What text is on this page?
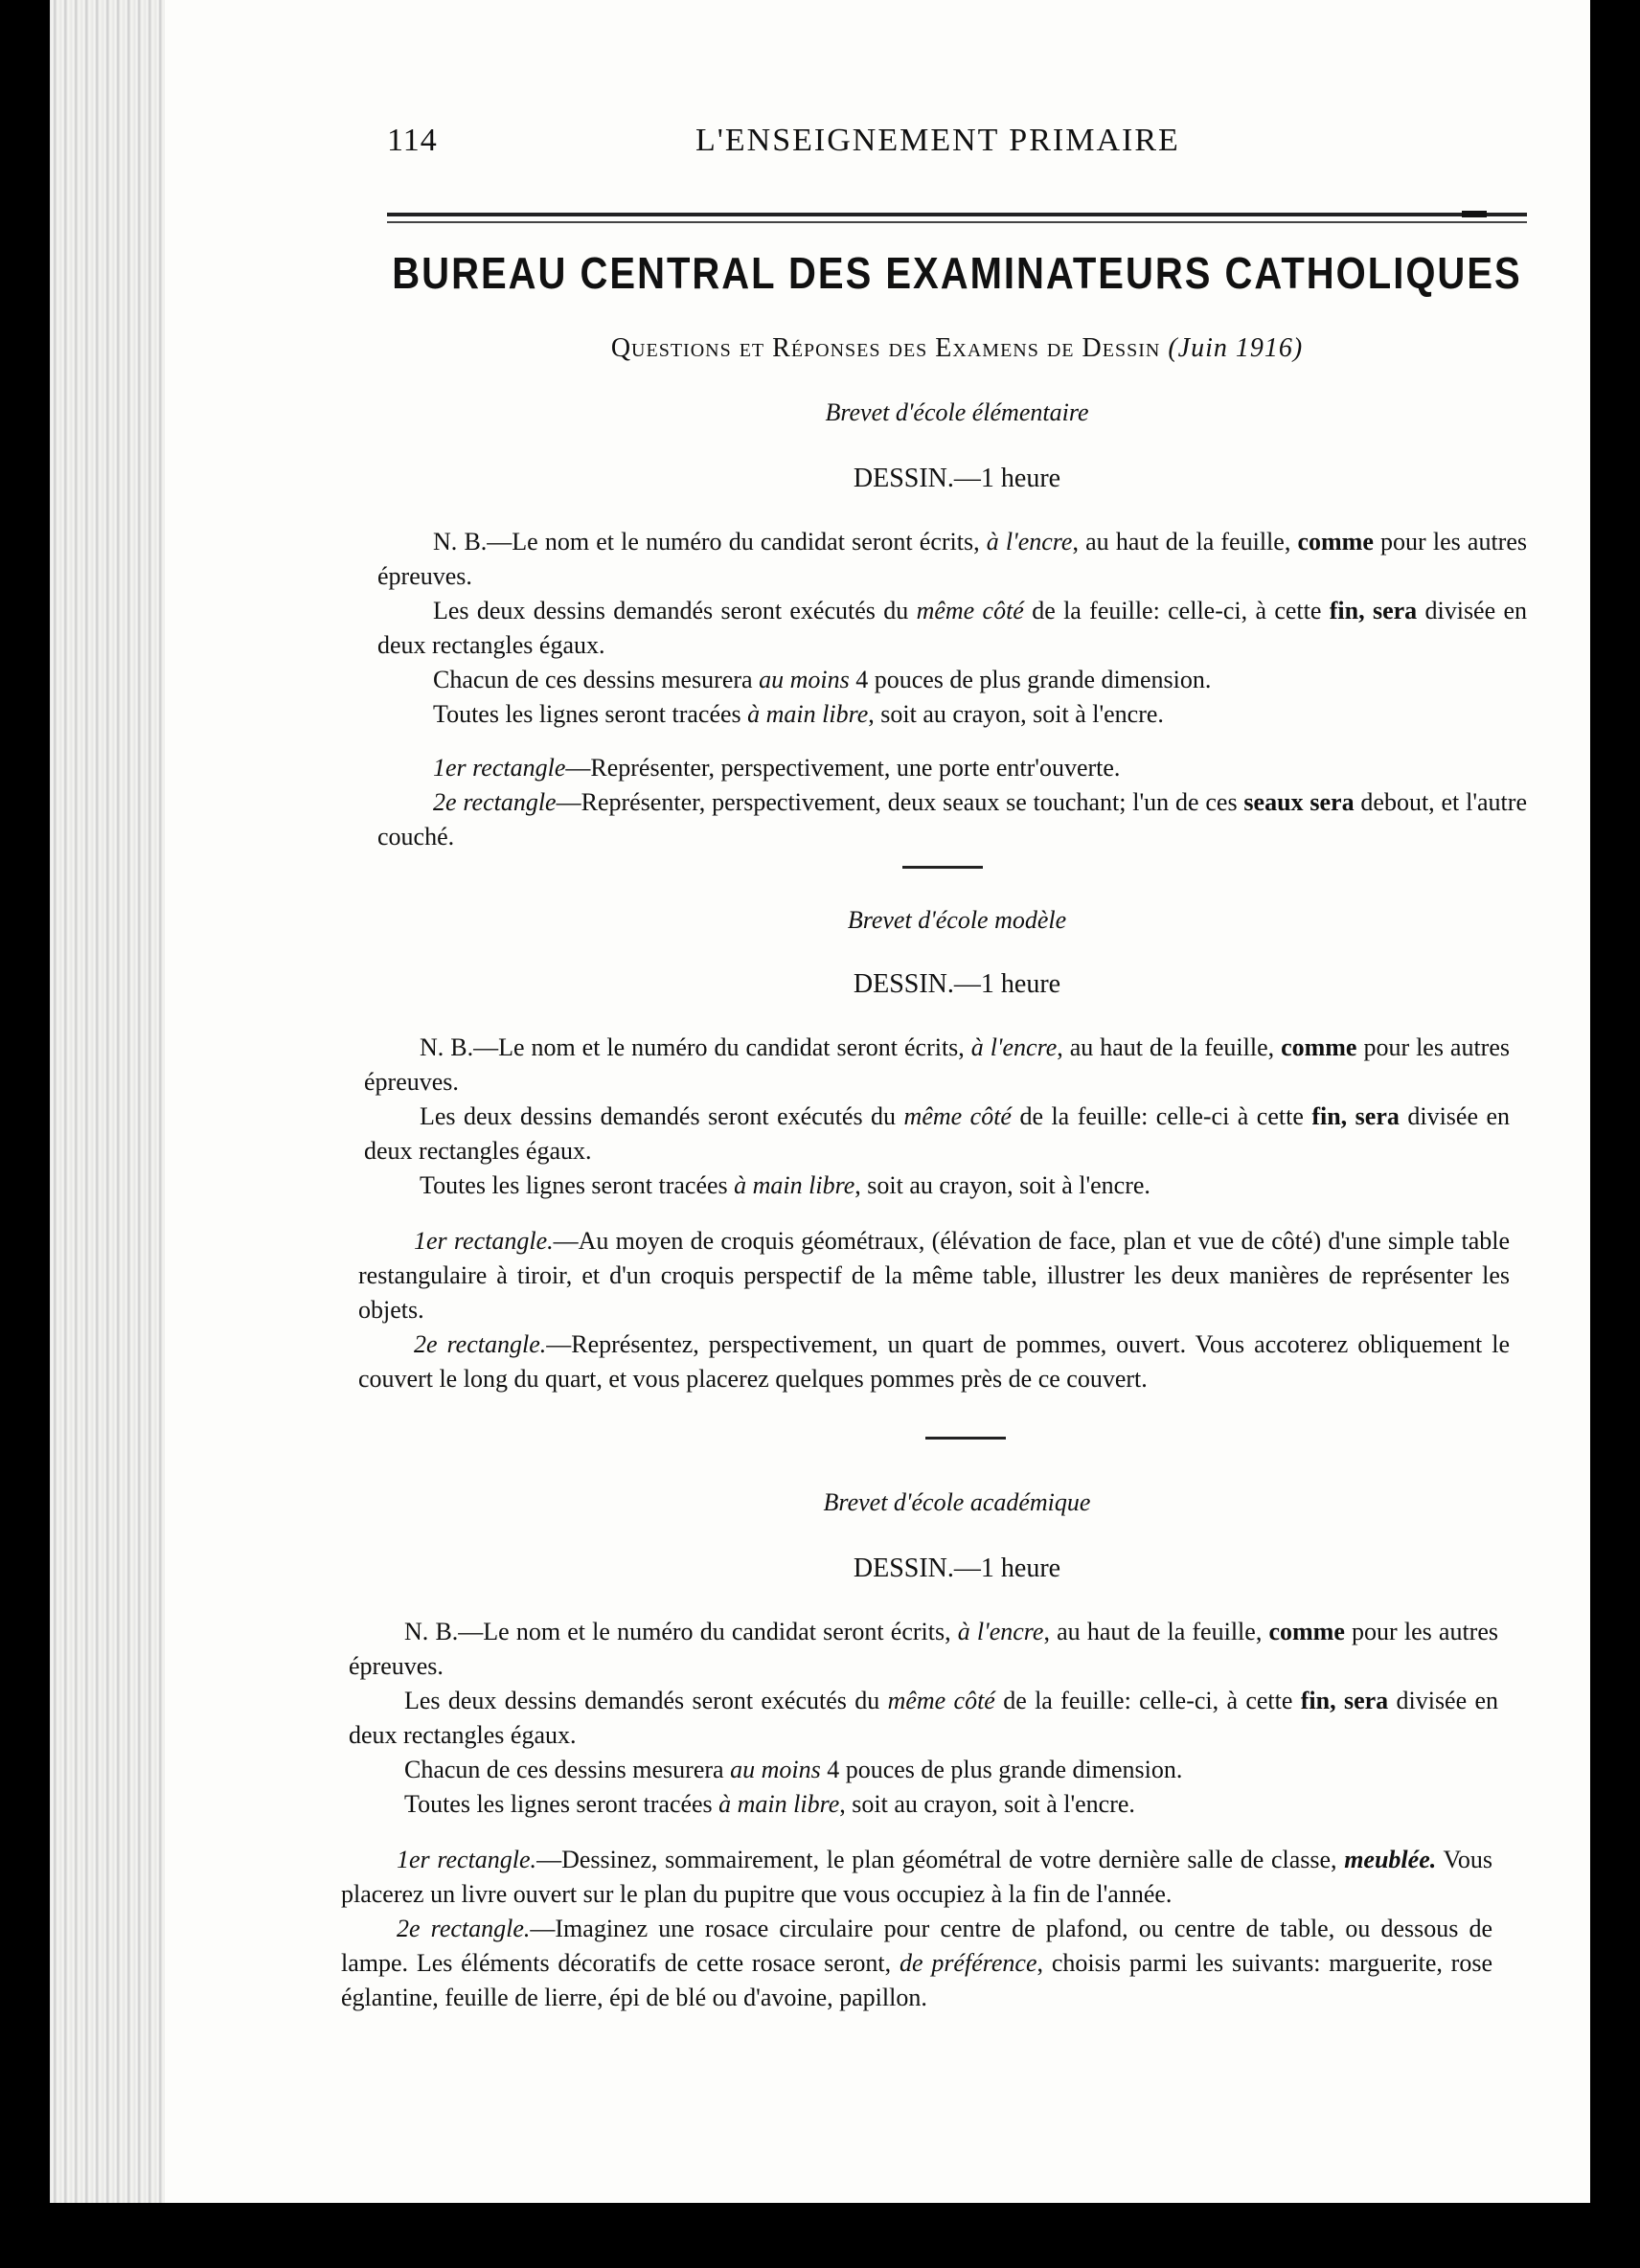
114	L'ENSEIGNEMENT PRIMAIRE
BUREAU CENTRAL DES EXAMINATEURS CATHOLIQUES
Questions et Réponses des Examens de Dessin (Juin 1916)
Brevet d'école élémentaire
DESSIN.—1 heure

N. B.—Le nom et le numéro du candidat seront écrits, à l'encre, au haut de la feuille, comme pour les autres épreuves.

Les deux dessins demandés seront exécutés du même côté de la feuille: celle-ci, à cette fin, sera divisée en deux rectangles égaux.

Chacun de ces dessins mesurera au moins 4 pouces de plus grande dimension.

Toutes les lignes seront tracées à main libre, soit au crayon, soit à l'encre.

1er rectangle—Représenter, perspectivement, une porte entr'ouverte.

2e rectangle—Représenter, perspectivement, deux seaux se touchant; l'un de ces seaux sera debout, et l'autre couché.

Brevet d'école modèle
DESSIN.—1 heure

N. B.—Le nom et le numéro du candidat seront écrits, à l'encre, au haut de la feuille, comme pour les autres épreuves.

Les deux dessins demandés seront exécutés du même côté de la feuille: celle-ci à cette fin, sera divisée en deux rectangles égaux.

Toutes les lignes seront tracées à main libre, soit au crayon, soit à l'encre.

1er rectangle.—Au moyen de croquis géométraux, (élévation de face, plan et vue de côté) d'une simple table restangulaire à tiroir, et d'un croquis perspectif de la même table, illustrer les deux manières de représenter les objets.

2e rectangle.—Représentez, perspectivement, un quart de pommes, ouvert. Vous accoterez obliquement le couvert le long du quart, et vous placerez quelques pommes près de ce couvert.

Brevet d'école académique
DESSIN.—1 heure

N. B.—Le nom et le numéro du candidat seront écrits, à l'encre, au haut de la feuille, comme pour les autres épreuves.

Les deux dessins demandés seront exécutés du même côté de la feuille: celle-ci, à cette fin, sera divisée en deux rectangles égaux.

Chacun de ces dessins mesurera au moins 4 pouces de plus grande dimension.

Toutes les lignes seront tracées à main libre, soit au crayon, soit à l'encre.

1er rectangle.—Dessinez, sommairement, le plan géométral de votre dernière salle de classe, meublée. Vous placerez un livre ouvert sur le plan du pupitre que vous occupiez à la fin de l'année.

2e rectangle.—Imaginez une rosace circulaire pour centre de plafond, ou centre de table, ou dessous de lampe. Les éléments décoratifs de cette rosace seront, de préférence, choisis parmi les suivants: marguerite, rose églantine, feuille de lierre, épi de blé ou d'avoine, papillon.
